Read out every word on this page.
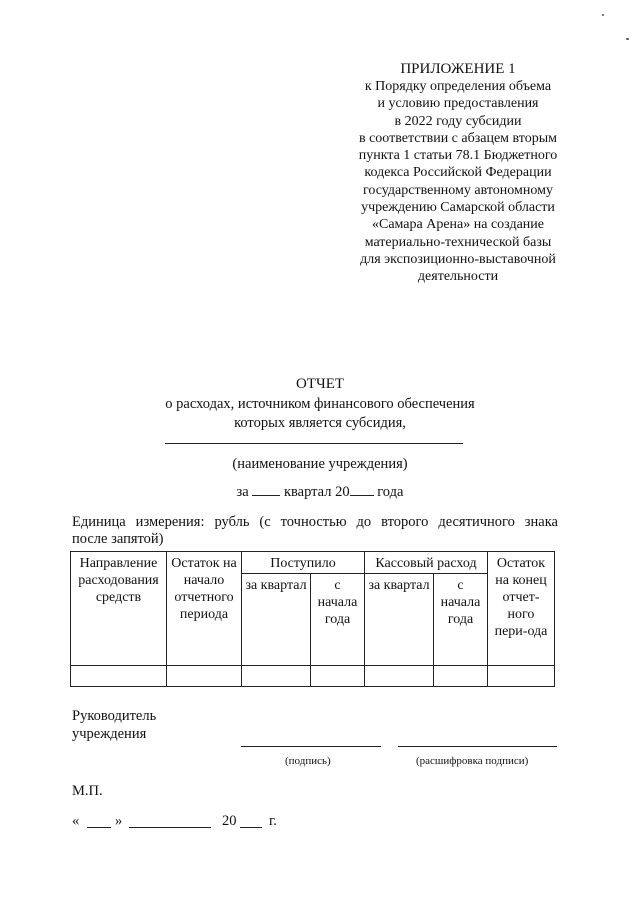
ПРИЛОЖЕНИЕ 1
к Порядку определения объема
и условию предоставления
в 2022 году субсидии
в соответствии с абзацем вторым
пункта 1 статьи 78.1 Бюджетного
кодекса Российской Федерации
государственному автономному
учреждению Самарской области
«Самара Арена» на создание
материально-технической базы
для экспозиционно-выставочной
деятельности
ОТЧЕТ
о расходах, источником финансового обеспечения
которых является субсидия,
(наименование учреждения)
за квартал 20 года
Единица измерения: рубль (с точностью до второго десятичного знака
после запятой)
Направление расходования средств	Остаток на начало отчетного периода	Поступило		Кассовый расход		Остаток на конец отчет-ного пери-ода
		за квартал	с начала года	за квартал	с начала года	

Руководитель
учреждения
(подпись)	(расшифровка подписи)
М.П.
« »	20 г.
